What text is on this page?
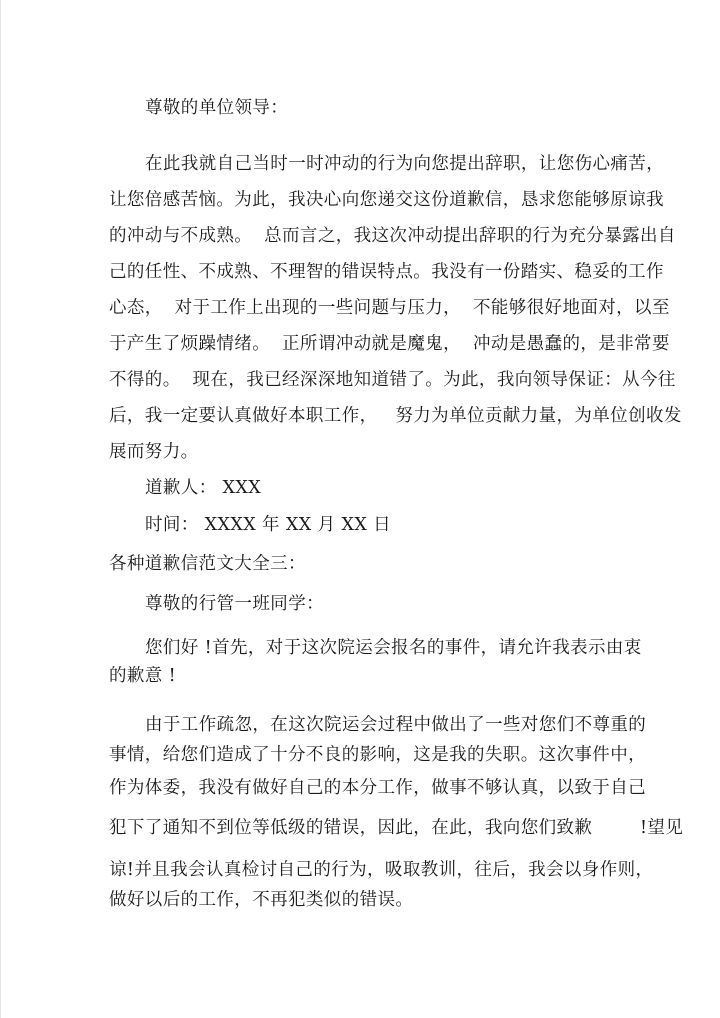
尊敬的单位领导：
在此我就自己当时一时冲动的行为向您提出辞职，让您伤心痛苦，
让您倍感苦恼。为此，我决心向您递交这份道歉信，恳求您能够原谅我
的冲动与不成熟。  总而言之，我这次冲动提出辞职的行为充分暴露出自
己的任性、不成熟、不理智的错误特点。我没有一份踏实、稳妥的工作
心态，  对于工作上出现的一些问题与压力，  不能够很好地面对，以至
于产生了烦躁情绪。  正所谓冲动就是魔鬼，  冲动是愚蠢的，是非常要
不得的。  现在，我已经深深地知道错了。为此，我向领导保证：从今往
后，我一定要认真做好本职工作，   努力为单位贡献力量，为单位创收发
展而努力。
道歉人： XXX
时间： XXXX 年 XX 月 XX 日
各种道歉信范文大全三：
尊敬的行管一班同学：
您们好 !首先，对于这次院运会报名的事件，请允许我表示由衷
的歉意 !
由于工作疏忽，在这次院运会过程中做出了一些对您们不尊重的
事情，给您们造成了十分不良的影响，这是我的失职。这次事件中，
作为体委，我没有做好自己的本分工作，做事不够认真，以致于自己
犯下了通知不到位等低级的错误，因此，在此，我向您们致歉        !望见
谅!并且我会认真检讨自己的行为，吸取教训，往后，我会以身作则，
做好以后的工作，不再犯类似的错误。
